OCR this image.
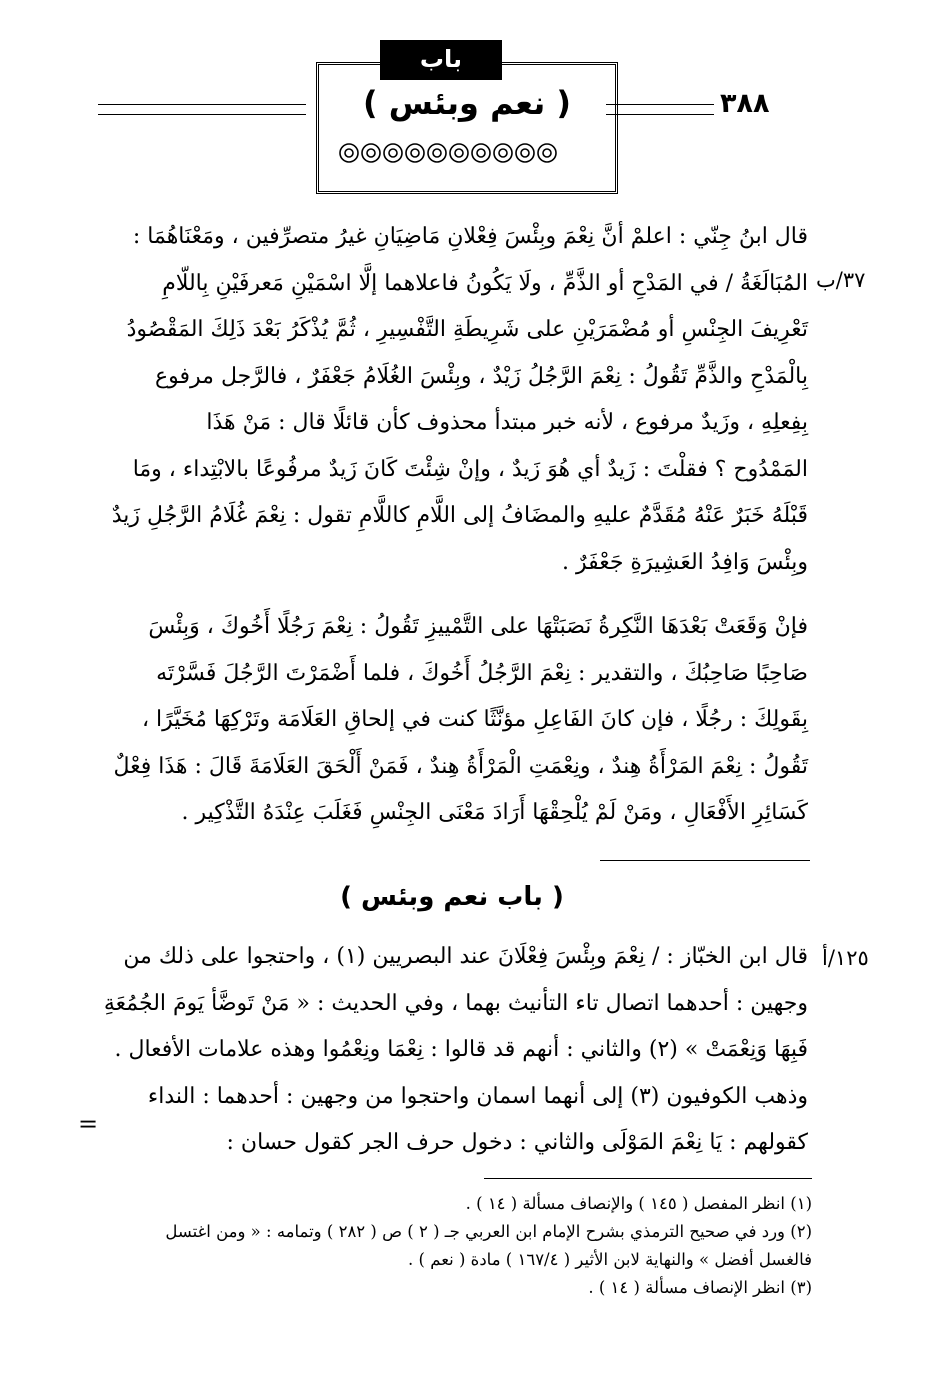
٣٨٨
باب
( نعم وبئس )
قال ابنُ جِنّي : اعلمْ أنَّ نِعْمَ وبِئْسَ فِعْلانِ مَاضِيَانِ غيرُ متصرِّفين ، ومَعْنَاهُمَا :
المُبَالَغَةُ / في المَدْحِ أو الذَّمِّ ، ولَا يَكُونُ فاعلاهما إلَّا اسْمَيْنِ مَعرفَيْنِ بِاللّامِ
تَعْرِيفَ الجِنْسِ أو مُضْمَرَيْنِ على شَرِيطَةِ التَّفْسِيرِ ، ثُمَّ يُذْكَرُ بَعْدَ ذَلِكَ المَقْصُودُ
بِالْمَدْحِ والذَّمِّ تَقُولُ : نِعْمَ الرَّجُلُ زَيْدٌ ، وبِئْسَ الغُلَامُ جَعْفَرٌ ، فالرَّجل مرفوع
بِفِعلِهِ ، وزَيدٌ مرفوع ، لأنه خبر مبتدأ محذوف كأن قائلًا قال : مَنْ هَذَا
المَمْدُوح ؟ فقلْتَ : زَيدٌ أي هُوَ زَيدٌ ، وإنْ شِئْتَ كَانَ زَيدٌ مرفُوعًا بالابْتِداء ، ومَا
قَبْلَهُ خَبَرٌ عَنْهُ مُقَدَّمٌ عليهِ والمضَافُ إلى اللَّامِ كاللَّامِ تقول : نِعْمَ غُلَامُ الرَّجُلِ زَيدٌ
وبِئْسَ وَافِدُ العَشِيرَةِ جَعْفَرٌ .
٣٧/ب
فإنْ وَقَعَتْ بَعْدَهَا النَّكِرةُ نَصَبَتْهَا على التَّمْييزِ تَقُولُ : نِعْمَ رَجُلًا أَخُوكَ ، وَبِئْسَ
صَاحِبًا صَاحِبُكَ ، والتقدير : نِعْمَ الرَّجُلُ أَخُوكَ ، فلما أَضْمَرْتَ الرَّجُلَ فَسَّرْتَه
بِقَولِكَ : رجُلًا ، فإن كانَ الفَاعِلِ مؤنَّثًا كنت في إلحاقِ العَلَامَة وتَرْكِهَا مُخَيَّرًا ،
تَقُولُ : نِعْمَ المَرْأَةُ هِندٌ ، ونِعْمَتِ الْمَرْأَةُ هِندٌ ، فَمَنْ أَلْحَقَ العَلَامَةَ قَالَ : هَذَا فِعْلٌ
كَسَائِرِ الأَفْعَالِ ، ومَنْ لَمْ يُلْحِقْهَا أَرَادَ مَعْنَى الجِنْسِ فَغَلَبَ عِنْدَهُ التَّذْكِير .
( باب نعم وبئس )
قال ابن الخبّاز : / نِعْمَ وبِئْسَ فِعْلَانَ عند البصريين (١) ، واحتجوا على ذلك من
وجهين : أحدهما اتصال تاء التأنيث بهما ، وفي الحديث : « مَنْ تَوضَّأ يَومَ الجُمُعَةِ
فَبِهَا وَنِعْمَتْ » (٢) والثاني : أنهم قد قالوا : نِعْمَا ونِعْمُوا وهذه علامات الأفعال .
وذهب الكوفيون (٣) إلى أنهما اسمان واحتجوا من وجهين : أحدهما : النداء
كقولهم : يَا نِعْمَ المَوْلَى والثاني : دخول حرف الجر كقول حسان :
١٢٥/أ
=

(١) انظر المفصل ( ١٤٥ ) والإنصاف مسألة ( ١٤ ) .

(٢) ورد في صحيح الترمذي بشرح الإمام ابن العربي جـ ( ٢ ) ص ( ٢٨٢ ) وتمامه : « ومن اغتسل

فالغسل أفضل » والنهاية لابن الأثير ( ١٦٧/٤ ) مادة ( نعم ) .

(٣) انظر الإنصاف مسألة ( ١٤ ) .
